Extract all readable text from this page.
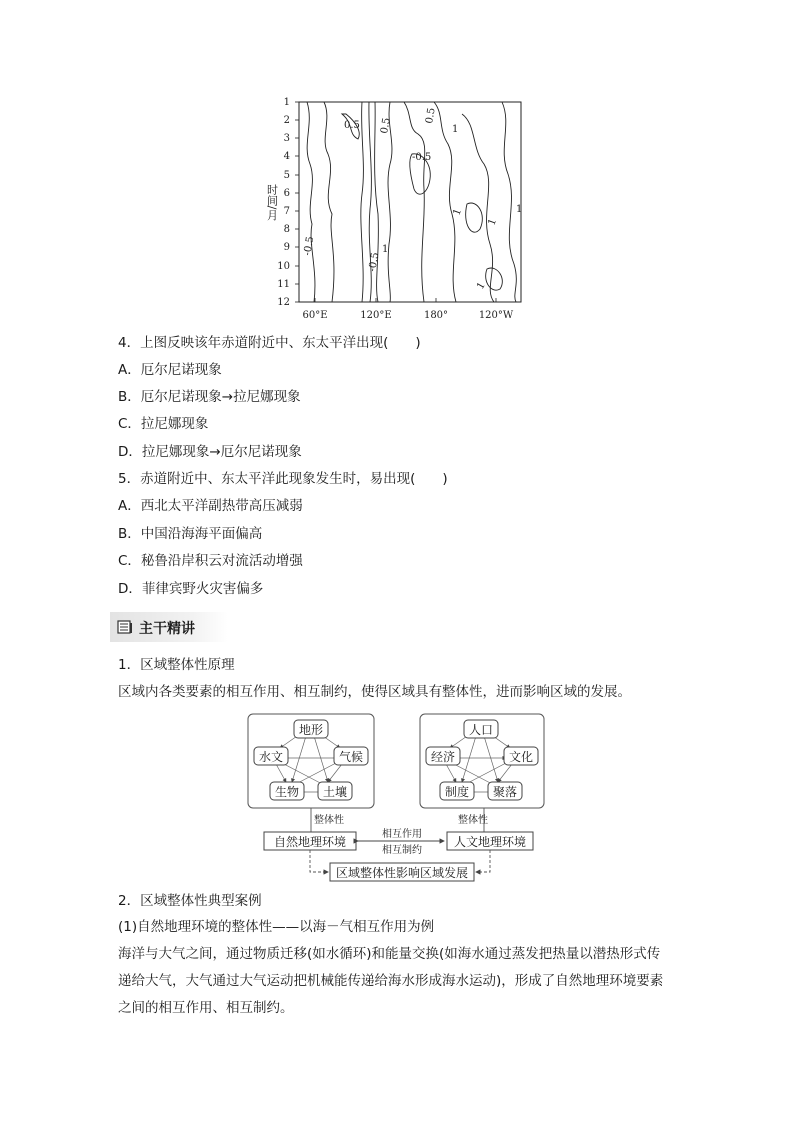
0.5 0.5
0.5
1
-0.5
-0.5
1
-0.5
1
1
1
1
1
2
3
4
5
6
7
8
9
10
11
12
时间/月
60°E	120°E	180°	120°W
4．上图反映该年赤道附近中、东太平洋出现(　　)
A．厄尔尼诺现象
B．厄尔尼诺现象→拉尼娜现象
C．拉尼娜现象
D．拉尼娜现象→厄尔尼诺现象
5．赤道附近中、东太平洋此现象发生时，易出现(　　)
A．西北太平洋副热带高压减弱
B．中国沿海海平面偏高
C．秘鲁沿岸积云对流活动增强
D．菲律宾野火灾害偏多
主干精讲
1．区域整体性原理
区域内各类要素的相互作用、相互制约，使得区域具有整体性，进而影响区域的发展。
地形
水文	气候
生物 土壤
人口
经济	文化
制度 聚落
整体性	整体性
自然地理环境	人文地理环境
相互作用
相互制约
区域整体性影响区域发展
2．区域整体性典型案例
(1)自然地理环境的整体性——以海－气相互作用为例
海洋与大气之间，通过物质迁移(如水循环)和能量交换(如海水通过蒸发把热量以潜热形式传
递给大气，大气通过大气运动把机械能传递给海水形成海水运动)，形成了自然地理环境要素
之间的相互作用、相互制约。
